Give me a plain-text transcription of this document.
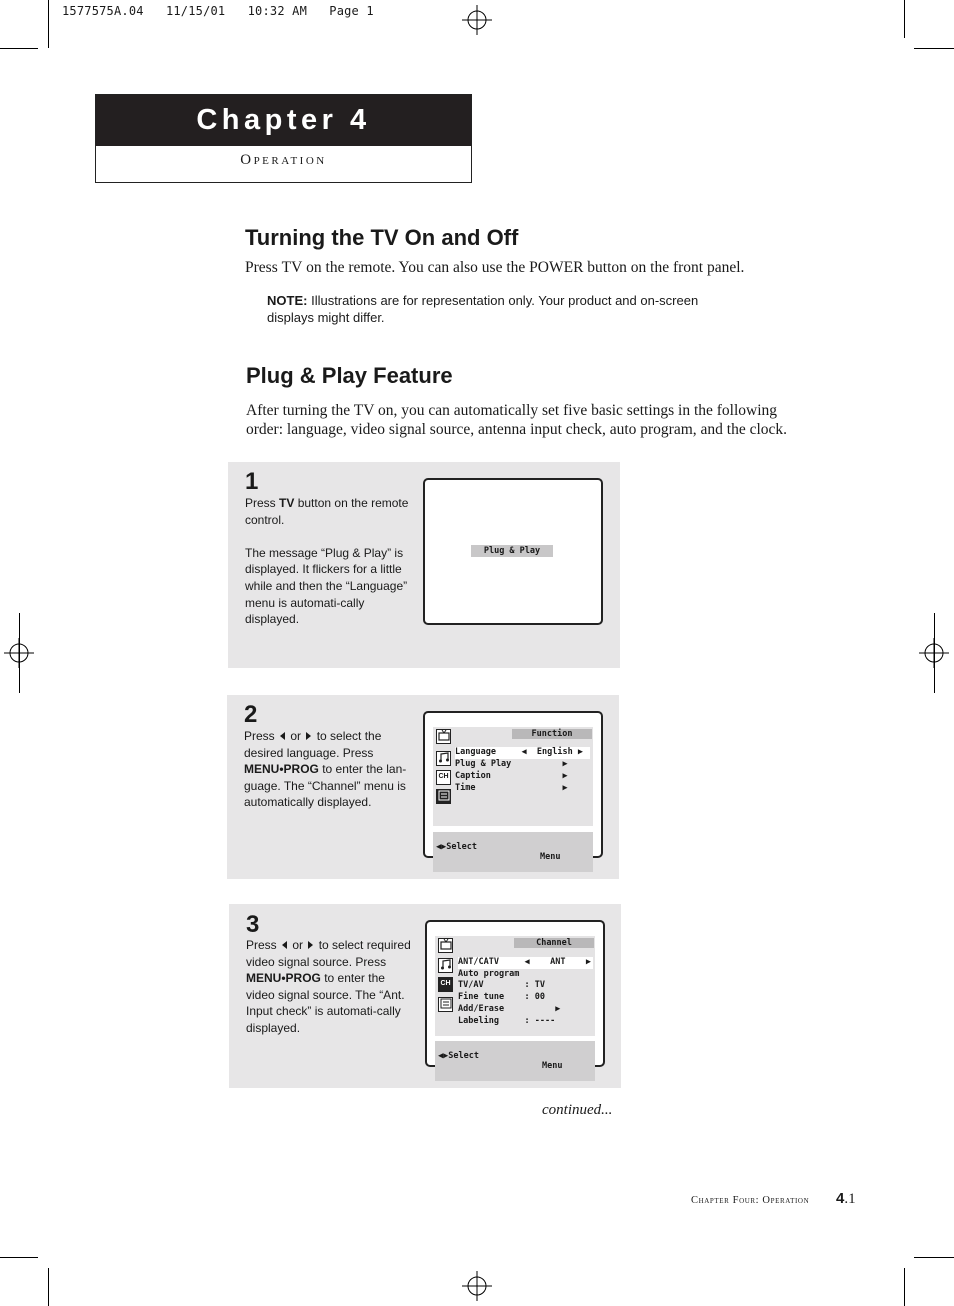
1577575A.04   11/15/01   10:32 AM   Page 1
Chapter 4
Operation
Turning the TV On and Off
Press TV on the remote. You can also use the POWER button on the front panel.
NOTE: Illustrations are for representation only. Your product and on-screen
displays might differ.
Plug & Play Feature
After turning the TV on, you can automatically set five basic settings in the following
order: language, video signal source, antenna input check, auto program, and the clock.
1

Press TV button on the remote control.

The message “Plug & Play” is displayed. It flickers for a little while and then the “Language” menu is automati-cally displayed.

Plug & Play
2
Press  or  to select the desired language. Press MENU•PROG to enter the lan-guage. The “Channel” menu is automatically displayed.
CH
Function
Language     ◀  English ▶
Plug & Play          ▶
Caption              ▶
Time                 ▶

◀▶Select

Menu

3
Press  or  to select required video signal source. Press MENU•PROG to enter the video signal source. The “Ant. Input check” is automati-cally displayed.
CH
Channel
ANT/CATV     ◀    ANT    ▶
Auto program
TV/AV        : TV
Fine tune    : 00
Add/Erase          ▶
Labeling     : ----

◀▶Select

Menu

continued...
Chapter Four: Operation 4.1
